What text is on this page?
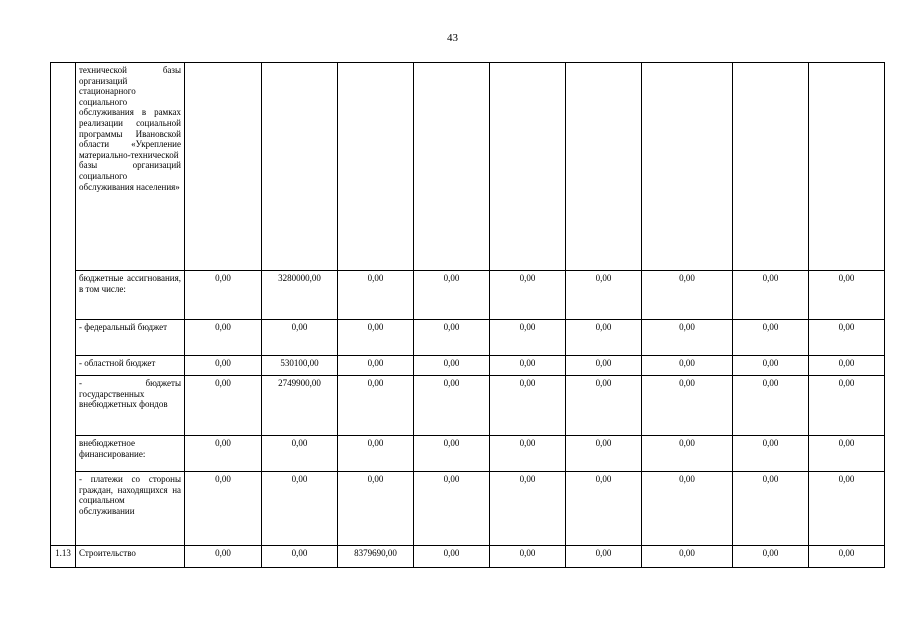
43
	технической базы организаций стационарного социального обслуживания в рамках реализации социальной программы Ивановской области «Укрепление материально-технической базы организаций социального обслуживания населения»									
	бюджетные ассигнования, в том числе:	0,00	3280000,00	0,00	0,00	0,00	0,00	0,00	0,00	0,00
	- федеральный бюджет	0,00	0,00	0,00	0,00	0,00	0,00	0,00	0,00	0,00
	- областной бюджет	0,00	530100,00	0,00	0,00	0,00	0,00	0,00	0,00	0,00
	- бюджеты государственных внебюджетных фондов	0,00	2749900,00	0,00	0,00	0,00	0,00	0,00	0,00	0,00
	внебюджетное финансирование:	0,00	0,00	0,00	0,00	0,00	0,00	0,00	0,00	0,00
	- платежи со стороны граждан, находящихся на социальном обслуживании	0,00	0,00	0,00	0,00	0,00	0,00	0,00	0,00	0,00
1.13	Строительство	0,00	0,00	8379690,00	0,00	0,00	0,00	0,00	0,00	0,00
